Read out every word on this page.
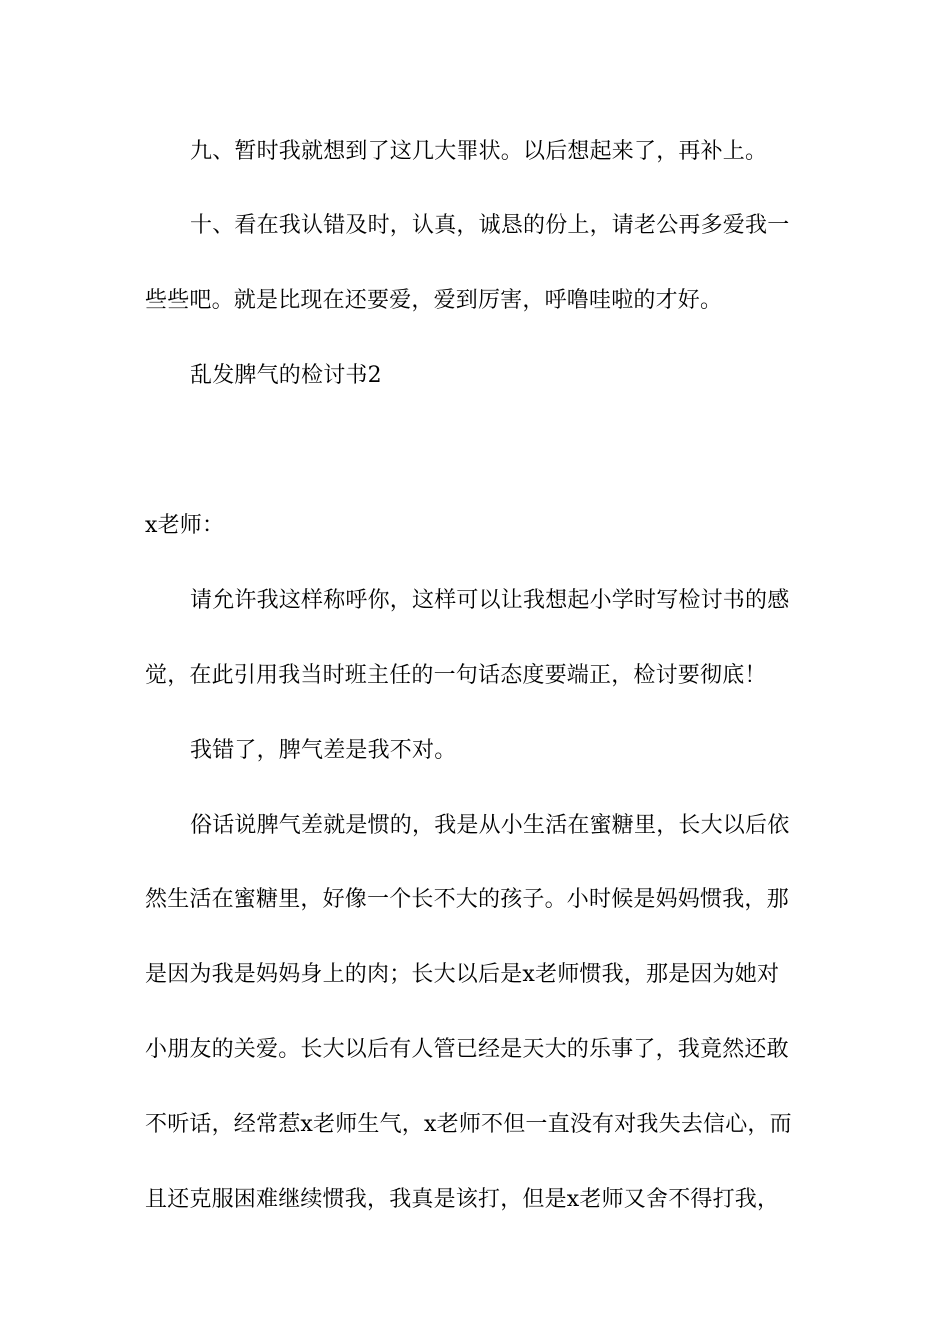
九、暂时我就想到了这几大罪状。以后想起来了，再补上。
十、看在我认错及时，认真，诚恳的份上，请老公再多爱我一
些些吧。就是比现在还要爱，爱到厉害，呼噜哇啦的才好。
乱发脾气的检讨书2
x老师：
请允许我这样称呼你，这样可以让我想起小学时写检讨书的感
觉，在此引用我当时班主任的一句话态度要端正，检讨要彻底！
我错了，脾气差是我不对。
俗话说脾气差就是惯的，我是从小生活在蜜糖里，长大以后依
然生活在蜜糖里，好像一个长不大的孩子。小时候是妈妈惯我，那
是因为我是妈妈身上的肉；长大以后是x老师惯我，那是因为她对
小朋友的关爱。长大以后有人管已经是天大的乐事了，我竟然还敢
不听话，经常惹x老师生气，x老师不但一直没有对我失去信心，而
且还克服困难继续惯我，我真是该打，但是x老师又舍不得打我，
